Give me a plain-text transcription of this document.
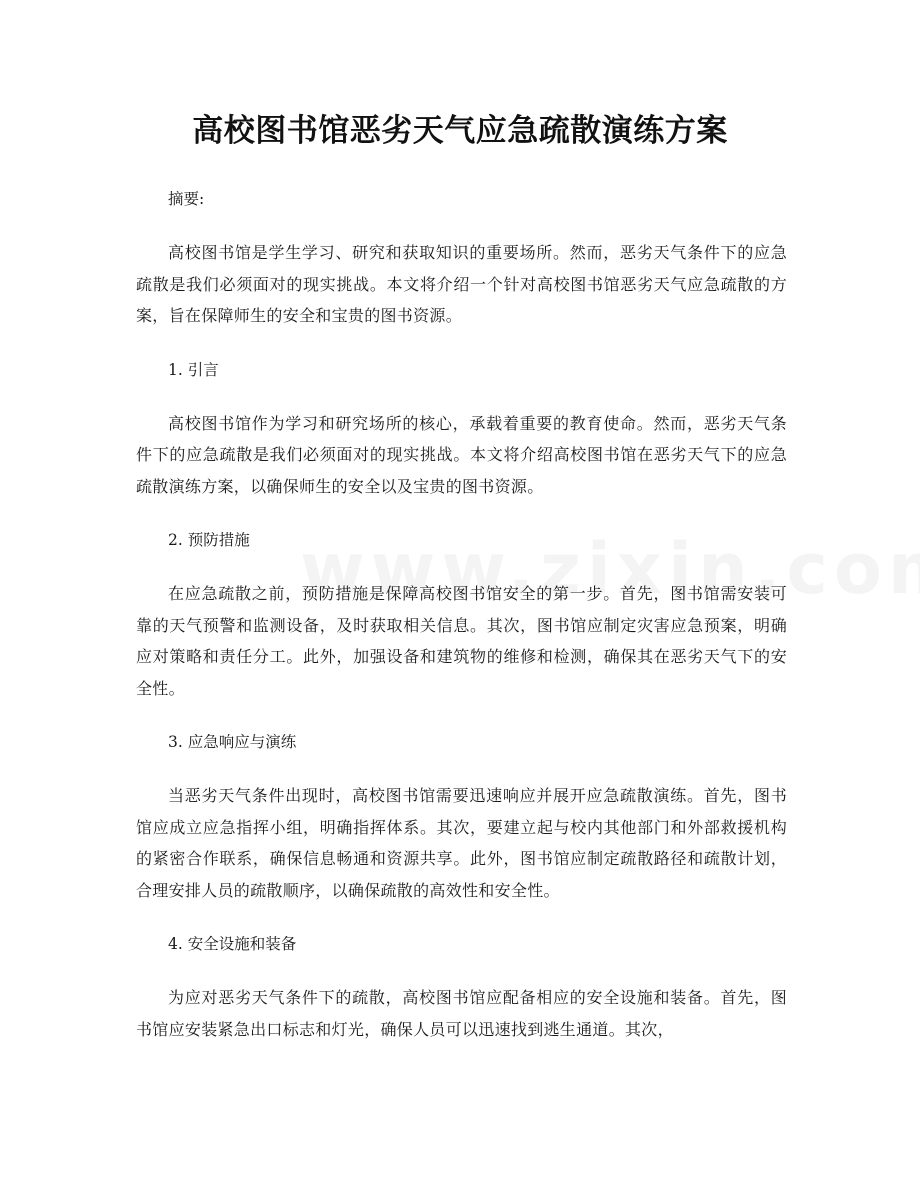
高校图书馆恶劣天气应急疏散演练方案

摘要:

高校图书馆是学生学习、研究和获取知识的重要场所。然而，恶劣天气条件下的应急疏散是我们必须面对的现实挑战。本文将介绍一个针对高校图书馆恶劣天气应急疏散的方案，旨在保障师生的安全和宝贵的图书资源。

1. 引言

高校图书馆作为学习和研究场所的核心，承载着重要的教育使命。然而，恶劣天气条件下的应急疏散是我们必须面对的现实挑战。本文将介绍高校图书馆在恶劣天气下的应急疏散演练方案，以确保师生的安全以及宝贵的图书资源。

2. 预防措施

在应急疏散之前，预防措施是保障高校图书馆安全的第一步。首先，图书馆需安装可靠的天气预警和监测设备，及时获取相关信息。其次，图书馆应制定灾害应急预案，明确应对策略和责任分工。此外，加强设备和建筑物的维修和检测，确保其在恶劣天气下的安全性。

3. 应急响应与演练

当恶劣天气条件出现时，高校图书馆需要迅速响应并展开应急疏散演练。首先，图书馆应成立应急指挥小组，明确指挥体系。其次，要建立起与校内其他部门和外部救援机构的紧密合作联系，确保信息畅通和资源共享。此外，图书馆应制定疏散路径和疏散计划，合理安排人员的疏散顺序，以确保疏散的高效性和安全性。

4. 安全设施和装备

为应对恶劣天气条件下的疏散，高校图书馆应配备相应的安全设施和装备。首先，图书馆应安装紧急出口标志和灯光，确保人员可以迅速找到逃生通道。其次，
